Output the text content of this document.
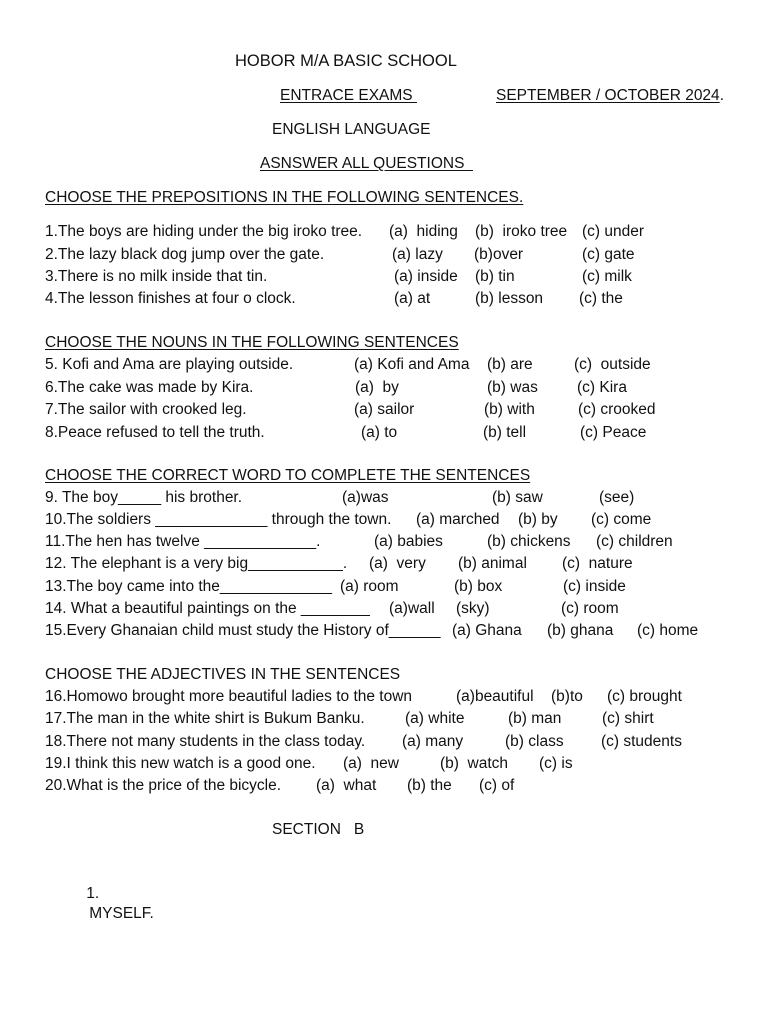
HOBOR M/A BASIC SCHOOL
ENTRACE EXAMS	SEPTEMBER / OCTOBER 2024.
ENGLISH LANGUAGE
ASNSWER ALL QUESTIONS
CHOOSE THE PREPOSITIONS IN THE FOLLOWING SENTENCES.
1.The boys are hiding under the big iroko tree. (a)  hiding (b)  iroko tree (c) under
2.The lazy black dog jump over the gate.	(a) lazy (b)over	(c) gate
3.There is no milk inside that tin.	(a) inside (b) tin	(c) milk
4.The lesson finishes at four o clock.	(a) at	(b) lesson (c) the
CHOOSE THE NOUNS IN THE FOLLOWING SENTENCES
5. Kofi and Ama are playing outside.	(a) Kofi and Ama (b) are	(c)  outside
6.The cake was made by Kira.	(a)  by	(b) was	(c) Kira
7.The sailor with crooked leg.	(a) sailor	(b) with	(c) crooked
8.Peace refused to tell the truth.	(a) to	(b) tell	(c) Peace
CHOOSE THE CORRECT WORD TO COMPLETE THE SENTENCES
9. The boy_____ his brother.	(a)was	(b) saw	(see)
10.The soldiers _____________ through the town. (a) marched (b) by (c) come
11.The hen has twelve _____________.	(a) babies	(b) chickens (c) children
12. The elephant is a very big___________. (a)  very (b) animal (c)  nature
13.The boy came into the_____________ (a) room	(b) box	(c) inside
14. What a beautiful paintings on the ________ (a)wall (sky)	(c) room
15.Every Ghanaian child must study the History of______ (a) Ghana (b) ghana (c) home
CHOOSE THE ADJECTIVES IN THE SENTENCES
16.Homowo brought more beautiful ladies to the town	(a)beautiful (b)to (c) brought
17.The man in the white shirt is Bukum Banku.	(a) white	(b) man	(c) shirt
18.There not many students in the class today. (a) many	(b) class (c) students
19.I think this new watch is a good one. (a)  new	(b)  watch (c) is
20.What is the price of the bicycle. (a)  what (b) the (c) of
SECTION   B

1.
MYSELF.
